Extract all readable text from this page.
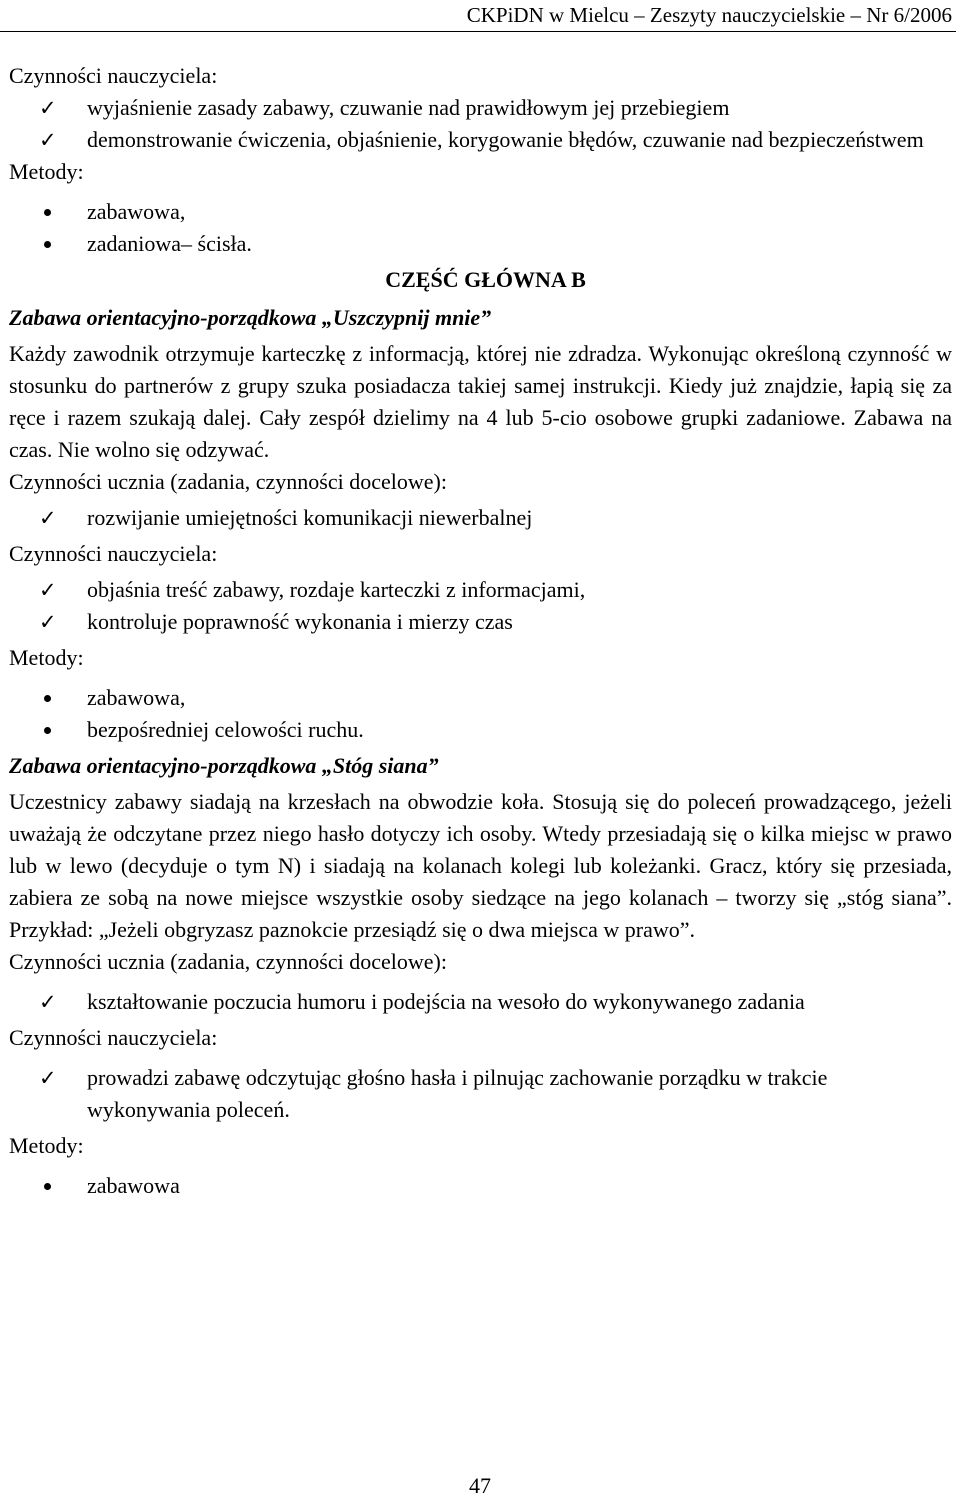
CKPiDN w Mielcu – Zeszyty nauczycielskie – Nr 6/2006

Czynności nauczyciela:

✓ wyjaśnienie zasady zabawy, czuwanie nad prawidłowym jej przebiegiem

✓ demonstrowanie ćwiczenia, objaśnienie, korygowanie błędów, czuwanie nad bezpieczeństwem

Metody:

zabawowa,

zadaniowa– ścisła.

CZĘŚĆ GŁÓWNA B

Zabawa orientacyjno-porządkowa „Uszczypnij mnie”

Każdy zawodnik otrzymuje karteczkę z informacją, której nie zdradza. Wykonując określoną czynność w stosunku do partnerów z grupy szuka posiadacza takiej samej instrukcji. Kiedy już znajdzie, łapią się za ręce i razem szukają dalej. Cały zespół dzielimy na 4 lub 5-cio osobowe grupki zadaniowe. Zabawa na czas. Nie wolno się odzywać.

Czynności ucznia (zadania, czynności docelowe):

✓ rozwijanie umiejętności komunikacji niewerbalnej

Czynności nauczyciela:

✓ objaśnia treść zabawy, rozdaje karteczki z informacjami,

✓ kontroluje poprawność wykonania i mierzy czas

Metody:

zabawowa,

bezpośredniej celowości ruchu.

Zabawa orientacyjno-porządkowa „Stóg siana”

Uczestnicy zabawy siadają na krzesłach na obwodzie koła. Stosują się do poleceń prowadzącego, jeżeli uważają że odczytane przez niego hasło dotyczy ich osoby. Wtedy przesiadają się o kilka miejsc w prawo lub w lewo (decyduje o tym N) i siadają na kolanach kolegi lub koleżanki. Gracz, który się przesiada, zabiera ze sobą na nowe miejsce wszystkie osoby siedzące na jego kolanach – tworzy się „stóg siana”. Przykład: „Jeżeli obgryzasz paznokcie przesiądź się o dwa miejsca w prawo”.

Czynności ucznia (zadania, czynności docelowe):

✓ kształtowanie poczucia humoru i podejścia na wesoło do wykonywanego zadania

Czynności nauczyciela:

✓ prowadzi zabawę odczytując głośno hasła i pilnując zachowanie porządku w trakcie wykonywania poleceń.

Metody:

zabawowa

47
